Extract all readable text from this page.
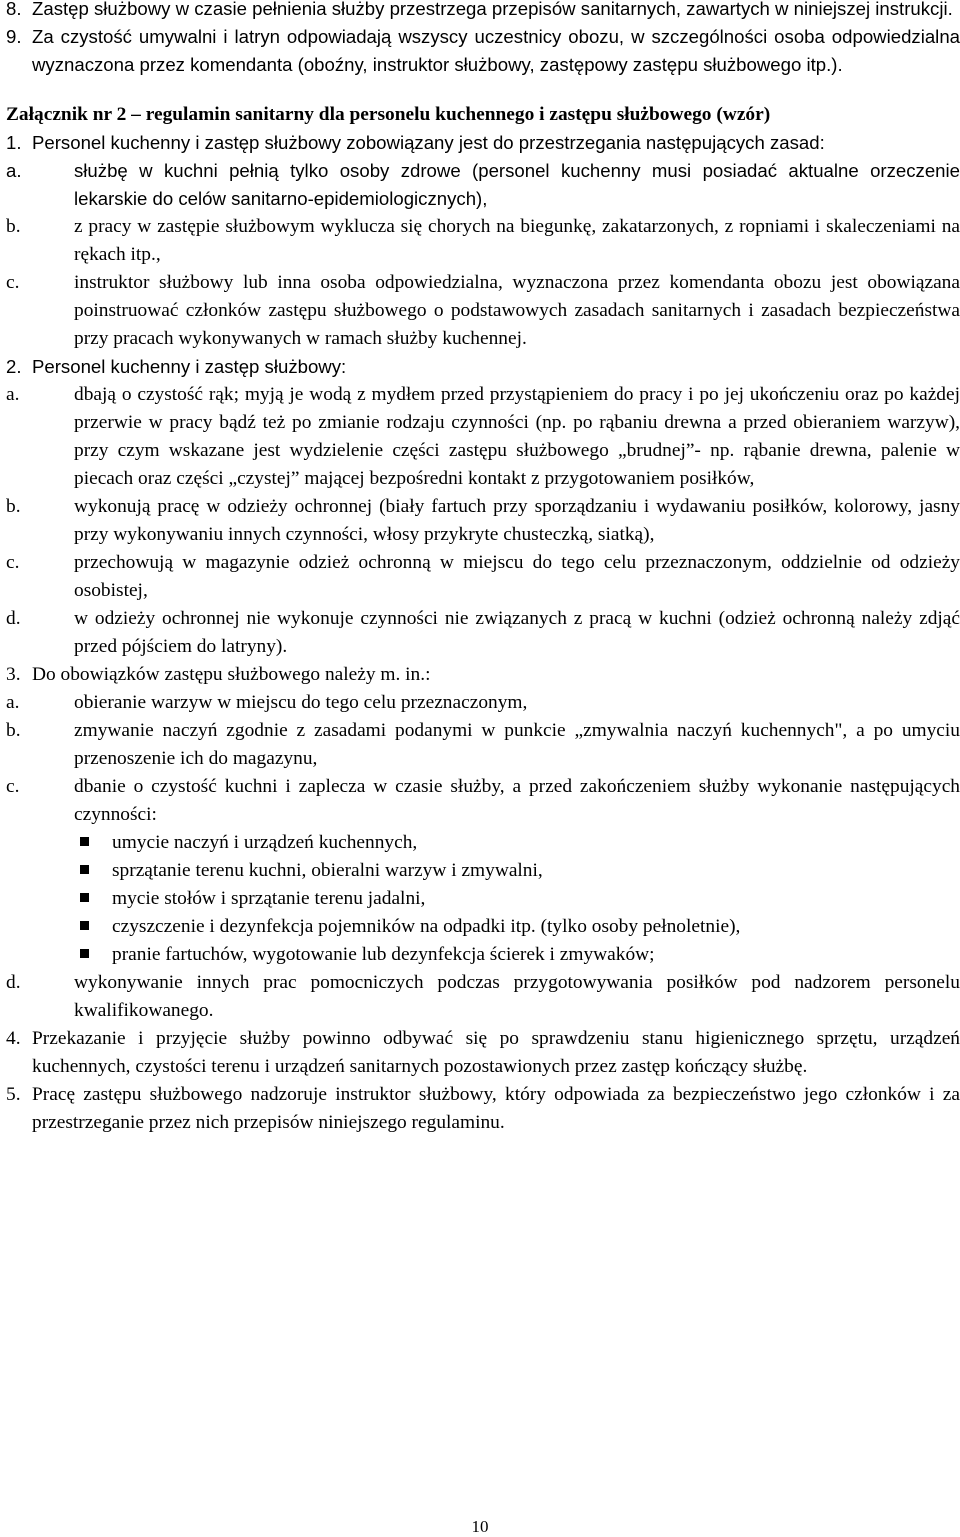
8. Zastęp służbowy w czasie pełnienia służby przestrzega przepisów sanitarnych, zawartych w niniejszej instrukcji.
9. Za czystość umywalni i latryn odpowiadają wszyscy uczestnicy obozu, w szczególności osoba odpowiedzialna wyznaczona przez komendanta (oboźny, instruktor służbowy, zastępowy zastępu służbowego itp.).
Załącznik nr 2 – regulamin sanitarny dla personelu kuchennego i zastępu służbowego (wzór)
1. Personel kuchenny i zastęp służbowy zobowiązany jest do przestrzegania następujących zasad:
a.	służbę w kuchni pełnią tylko osoby zdrowe (personel kuchenny musi posiadać aktualne orzeczenie lekarskie do celów sanitarno-epidemiologicznych),
b.	z pracy w zastępie służbowym wyklucza się chorych na biegunkę, zakatarzonych, z ropniami i skaleczeniami na rękach itp.,
c.	instruktor służbowy lub inna osoba odpowiedzialna, wyznaczona przez komendanta obozu jest obowiązana poinstruować członków zastępu służbowego o podstawowych zasadach sanitarnych i zasadach bezpieczeństwa przy pracach wykonywanych w ramach służby kuchennej.
2. Personel kuchenny i zastęp służbowy:
a.	dbają o czystość rąk; myją je wodą z mydłem przed przystąpieniem do pracy i po jej ukończeniu oraz po każdej przerwie w pracy bądź też po zmianie rodzaju czynności (np. po rąbaniu drewna a przed obieraniem warzyw), przy czym wskazane jest wydzielenie części zastępu służbowego „brudnej”- np. rąbanie drewna, palenie w piecach oraz części „czystej” mającej bezpośredni kontakt z przygotowaniem posiłków,
b.	wykonują pracę w odzieży ochronnej (biały fartuch przy sporządzaniu i wydawaniu posiłków, kolorowy, jasny przy wykonywaniu innych czynności, włosy przykryte chusteczką, siatką),
c.	przechowują w magazynie odzież ochronną w miejscu do tego celu przeznaczonym, oddzielnie od odzieży osobistej,
d.	w odzieży ochronnej nie wykonuje czynności nie związanych z pracą w kuchni (odzież ochronną należy zdjąć przed pójściem do latryny).
3. Do obowiązków zastępu służbowego należy m. in.:
a.	obieranie warzyw w miejscu do tego celu przeznaczonym,
b.	zmywanie naczyń zgodnie z zasadami podanymi w punkcie „zmywalnia naczyń kuchennych", a po umyciu przenoszenie ich do magazynu,
c.	dbanie o czystość kuchni i zaplecza w czasie służby, a przed zakończeniem służby wykonanie następujących czynności:
umycie naczyń i urządzeń kuchennych,
sprzątanie terenu kuchni, obieralni warzyw i zmywalni,
mycie stołów i sprzątanie terenu jadalni,
czyszczenie i dezynfekcja pojemników na odpadki itp. (tylko osoby pełnoletnie),
pranie fartuchów, wygotowanie lub dezynfekcja ścierek i zmywaków;
d.	wykonywanie innych prac pomocniczych podczas przygotowywania posiłków pod nadzorem personelu kwalifikowanego.
4. Przekazanie i przyjęcie służby powinno odbywać się po sprawdzeniu stanu higienicznego sprzętu, urządzeń kuchennych, czystości terenu i urządzeń sanitarnych pozostawionych przez zastęp kończący służbę.
5. Pracę zastępu służbowego nadzoruje instruktor służbowy, który odpowiada za bezpieczeństwo jego członków i za przestrzeganie przez nich przepisów niniejszego regulaminu.
10
